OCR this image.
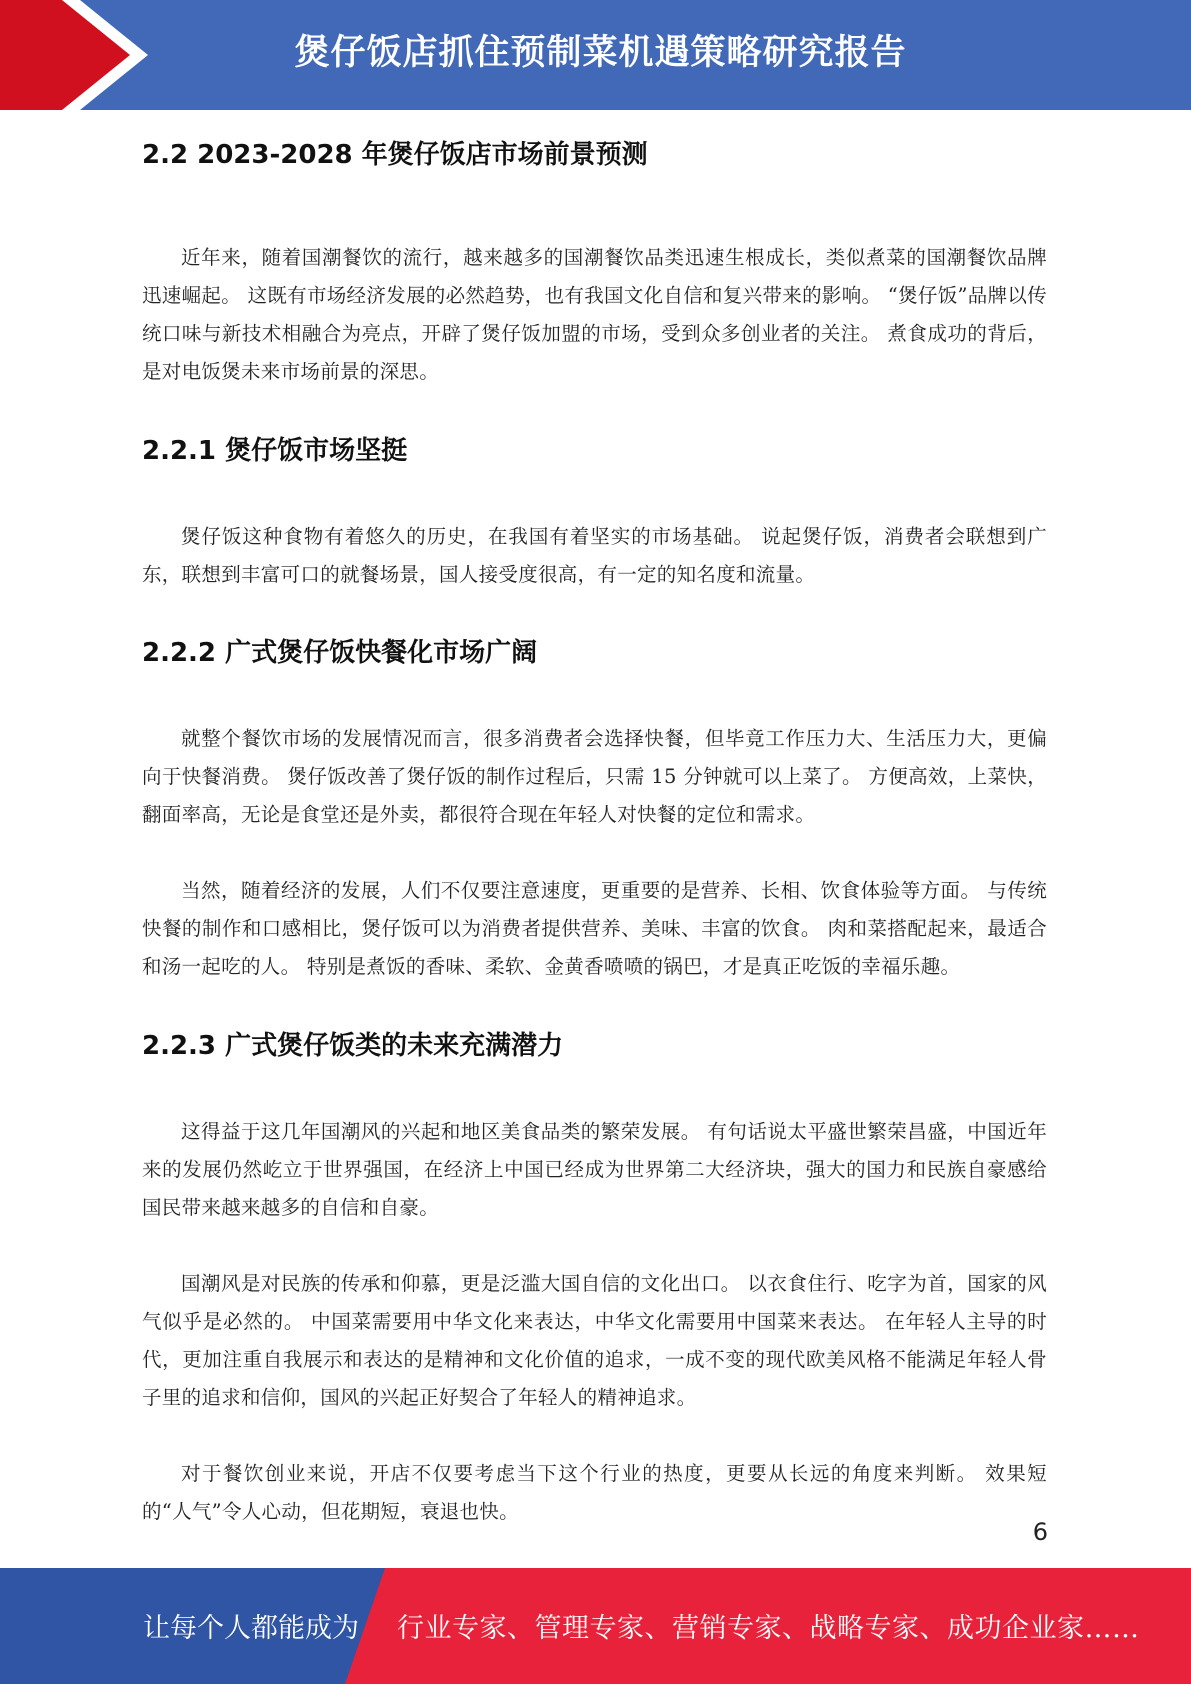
煲仔饭店抓住预制菜机遇策略研究报告
2.2 2023-2028 年煲仔饭店市场前景预测

近年来，随着国潮餐饮的流行，越来越多的国潮餐饮品类迅速生根成长，类似煮菜的国潮餐饮品牌迅速崛起。 这既有市场经济发展的必然趋势，也有我国文化自信和复兴带来的影响。 “煲仔饭”品牌以传统口味与新技术相融合为亮点，开辟了煲仔饭加盟的市场，受到众多创业者的关注。 煮食成功的背后，是对电饭煲未来市场前景的深思。

2.2.1 煲仔饭市场坚挺

煲仔饭这种食物有着悠久的历史，在我国有着坚实的市场基础。 说起煲仔饭，消费者会联想到广东，联想到丰富可口的就餐场景，国人接受度很高，有一定的知名度和流量。

2.2.2 广式煲仔饭快餐化市场广阔

就整个餐饮市场的发展情况而言，很多消费者会选择快餐，但毕竟工作压力大、生活压力大，更偏向于快餐消费。 煲仔饭改善了煲仔饭的制作过程后，只需 15 分钟就可以上菜了。 方便高效，上菜快，翻面率高，无论是食堂还是外卖，都很符合现在年轻人对快餐的定位和需求。

当然，随着经济的发展，人们不仅要注意速度，更重要的是营养、长相、饮食体验等方面。 与传统快餐的制作和口感相比，煲仔饭可以为消费者提供营养、美味、丰富的饮食。 肉和菜搭配起来，最适合和汤一起吃的人。 特别是煮饭的香味、柔软、金黄香喷喷的锅巴，才是真正吃饭的幸福乐趣。

2.2.3 广式煲仔饭类的未来充满潜力

这得益于这几年国潮风的兴起和地区美食品类的繁荣发展。 有句话说太平盛世繁荣昌盛，中国近年来的发展仍然屹立于世界强国，在经济上中国已经成为世界第二大经济块，强大的国力和民族自豪感给国民带来越来越多的自信和自豪。

国潮风是对民族的传承和仰慕，更是泛滥大国自信的文化出口。 以衣食住行、吃字为首，国家的风气似乎是必然的。 中国菜需要用中华文化来表达，中华文化需要用中国菜来表达。 在年轻人主导的时代，更加注重自我展示和表达的是精神和文化价值的追求，一成不变的现代欧美风格不能满足年轻人骨子里的追求和信仰，国风的兴起正好契合了年轻人的精神追求。

对于餐饮创业来说，开店不仅要考虑当下这个行业的热度，更要从长远的角度来判断。 效果短的“人气”令人心动，但花期短，衰退也快。

6
让每个人都能成为 行业专家、管理专家、营销专家、战略专家、成功企业家……
